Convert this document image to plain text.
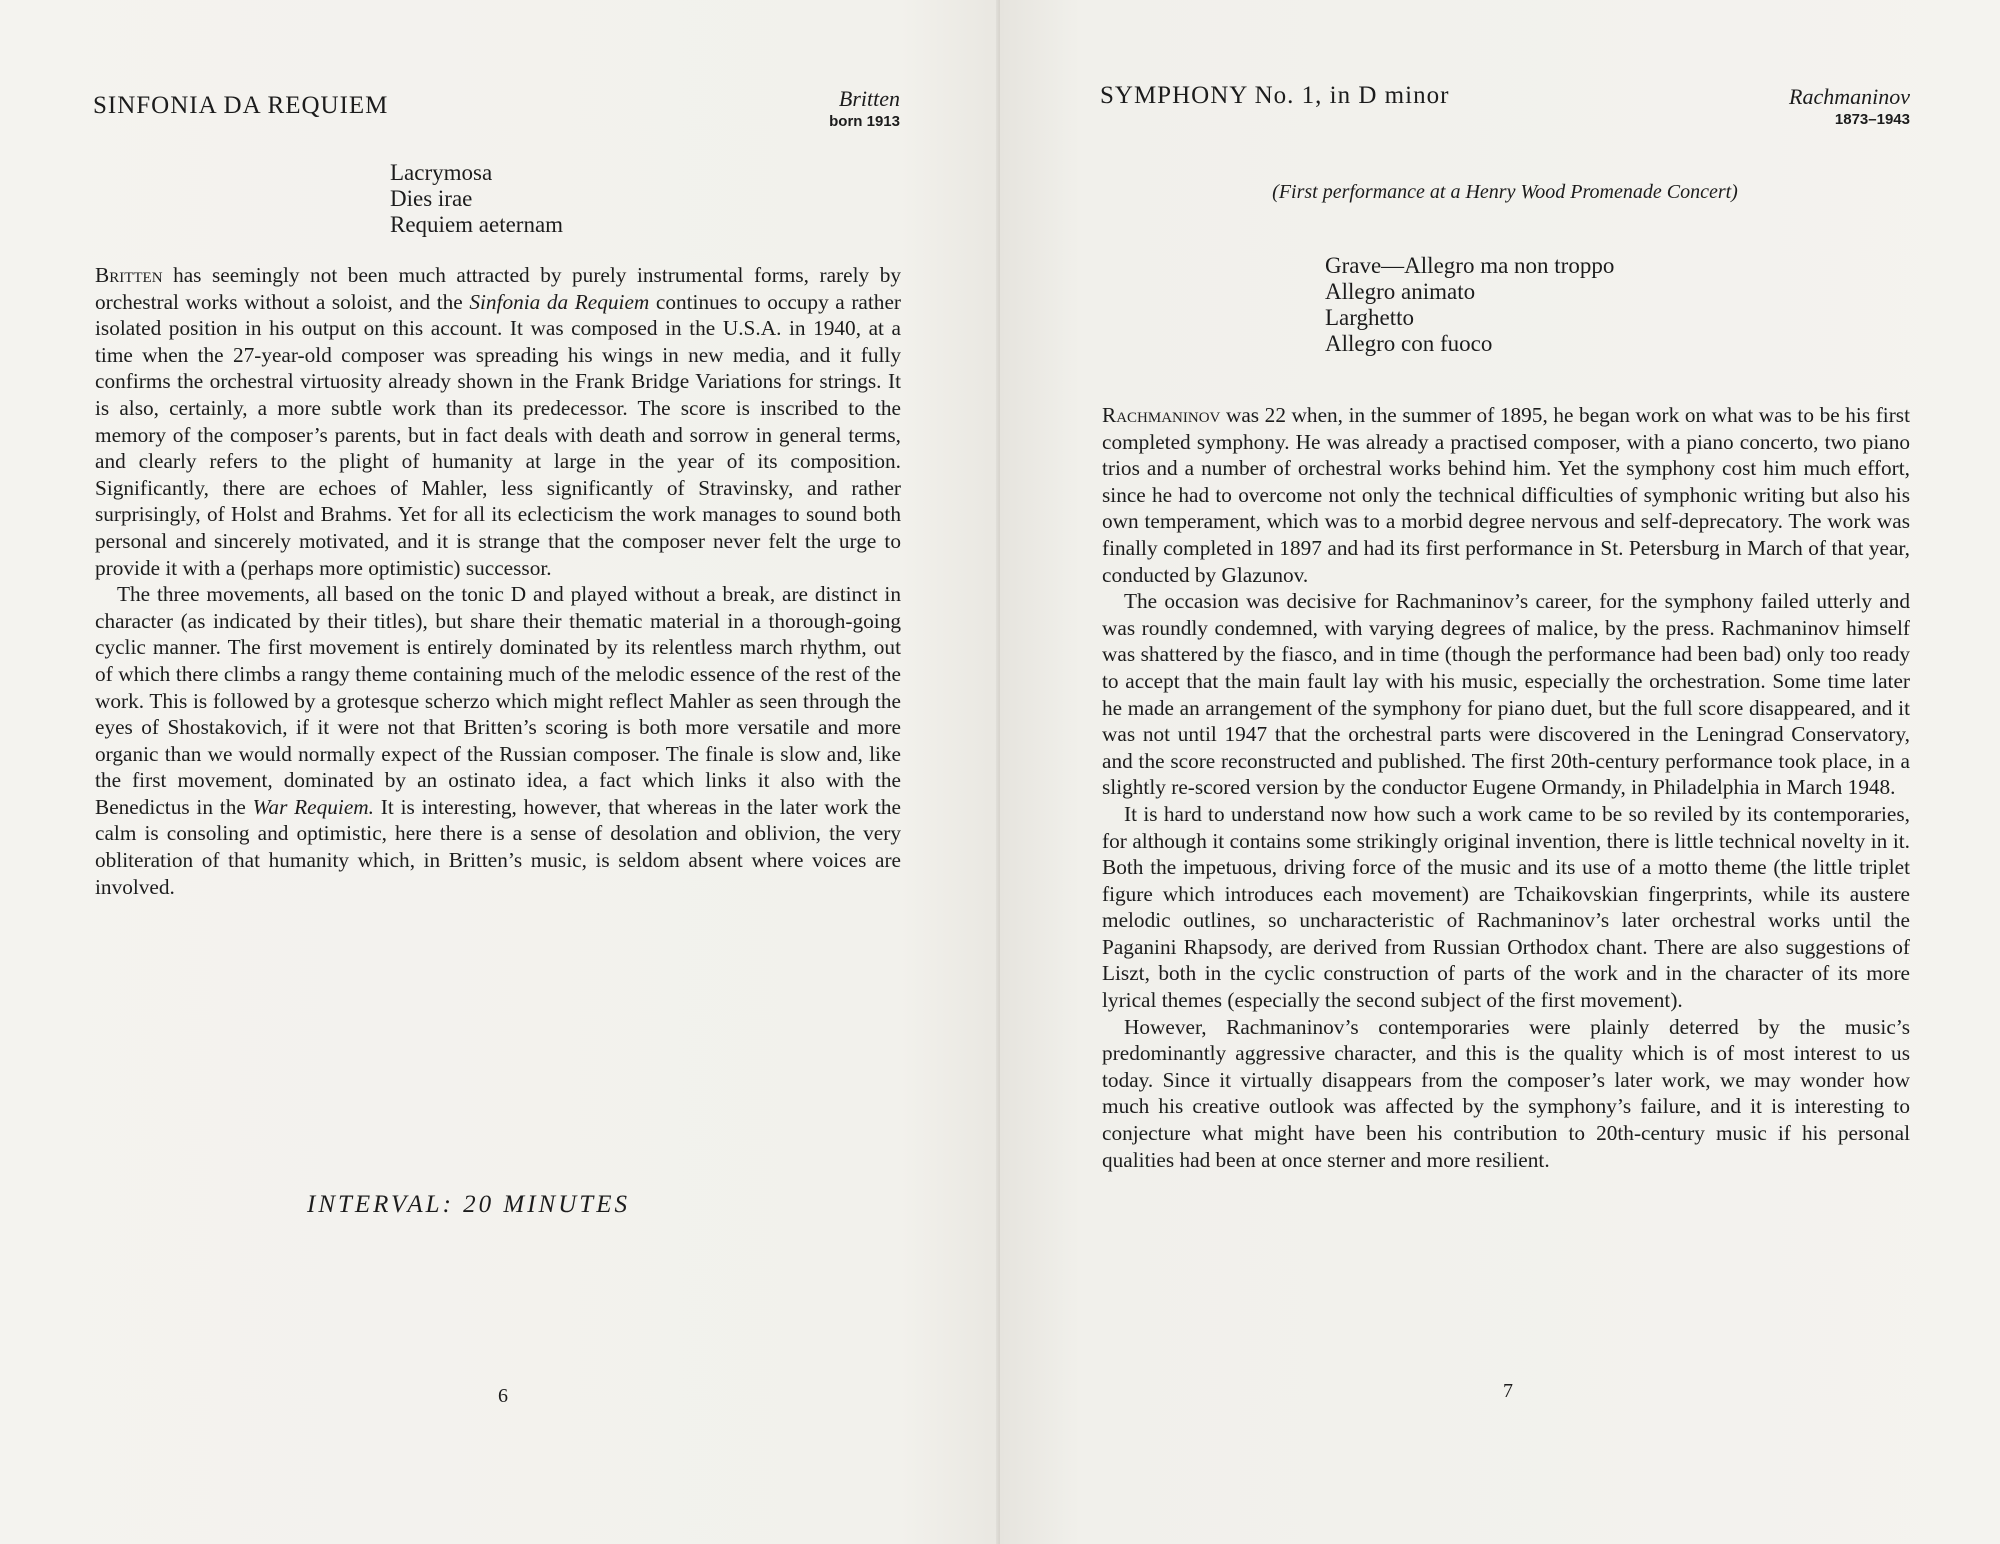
SINFONIA DA REQUIEM	Britten
born 1913
Lacrymosa
Dies irae
Requiem aeternam

Britten has seemingly not been much attracted by purely instrumental forms, rarely by orchestral works without a soloist, and the Sinfonia da Requiem continues to occupy a rather isolated position in his output on this account. It was composed in the U.S.A. in 1940, at a time when the 27-year-old composer was spreading his wings in new media, and it fully confirms the orchestral virtuosity already shown in the Frank Bridge Variations for strings. It is also, certainly, a more subtle work than its predecessor. The score is inscribed to the memory of the composer’s parents, but in fact deals with death and sorrow in general terms, and clearly refers to the plight of humanity at large in the year of its composition. Significantly, there are echoes of Mahler, less significantly of Stravinsky, and rather surprisingly, of Holst and Brahms. Yet for all its eclecticism the work manages to sound both personal and sincerely motivated, and it is strange that the composer never felt the urge to provide it with a (perhaps more optimistic) successor.

The three movements, all based on the tonic D and played without a break, are distinct in character (as indicated by their titles), but share their thematic material in a thorough-going cyclic manner. The first movement is entirely dominated by its relentless march rhythm, out of which there climbs a rangy theme containing much of the melodic essence of the rest of the work. This is followed by a grotesque scherzo which might reflect Mahler as seen through the eyes of Shostakovich, if it were not that Britten’s scoring is both more versatile and more organic than we would normally expect of the Russian composer. The finale is slow and, like the first movement, dominated by an ostinato idea, a fact which links it also with the Benedictus in the War Requiem. It is interesting, however, that whereas in the later work the calm is consoling and optimistic, here there is a sense of desolation and oblivion, the very obliteration of that humanity which, in Britten’s music, is seldom absent where voices are involved.

INTERVAL: 20 MINUTES
6
SYMPHONY No. 1, in D minor	Rachmaninov
1873–1943
(First performance at a Henry Wood Promenade Concert)
Grave—Allegro ma non troppo
Allegro animato
Larghetto
Allegro con fuoco

Rachmaninov was 22 when, in the summer of 1895, he began work on what was to be his first completed symphony. He was already a practised composer, with a piano concerto, two piano trios and a number of orchestral works behind him. Yet the symphony cost him much effort, since he had to overcome not only the technical difficulties of symphonic writing but also his own temperament, which was to a morbid degree nervous and self-deprecatory. The work was finally completed in 1897 and had its first performance in St. Petersburg in March of that year, conducted by Glazunov.

The occasion was decisive for Rachmaninov’s career, for the symphony failed utterly and was roundly condemned, with varying degrees of malice, by the press. Rachmaninov himself was shattered by the fiasco, and in time (though the performance had been bad) only too ready to accept that the main fault lay with his music, especially the orchestration. Some time later he made an arrangement of the symphony for piano duet, but the full score disappeared, and it was not until 1947 that the orchestral parts were discovered in the Leningrad Conservatory, and the score reconstructed and published. The first 20th-century performance took place, in a slightly re-scored version by the conductor Eugene Ormandy, in Philadelphia in March 1948.

It is hard to understand now how such a work came to be so reviled by its contemporaries, for although it contains some strikingly original invention, there is little technical novelty in it. Both the impetuous, driving force of the music and its use of a motto theme (the little triplet figure which introduces each movement) are Tchaikovskian fingerprints, while its austere melodic outlines, so uncharacteristic of Rachmaninov’s later orchestral works until the Paganini Rhapsody, are derived from Russian Orthodox chant. There are also suggestions of Liszt, both in the cyclic construction of parts of the work and in the character of its more lyrical themes (especially the second subject of the first movement).

However, Rachmaninov’s contemporaries were plainly deterred by the music’s predominantly aggressive character, and this is the quality which is of most interest to us today. Since it virtually disappears from the composer’s later work, we may wonder how much his creative outlook was affected by the symphony’s failure, and it is interesting to conjecture what might have been his contribution to 20th-century music if his personal qualities had been at once sterner and more resilient.

7
